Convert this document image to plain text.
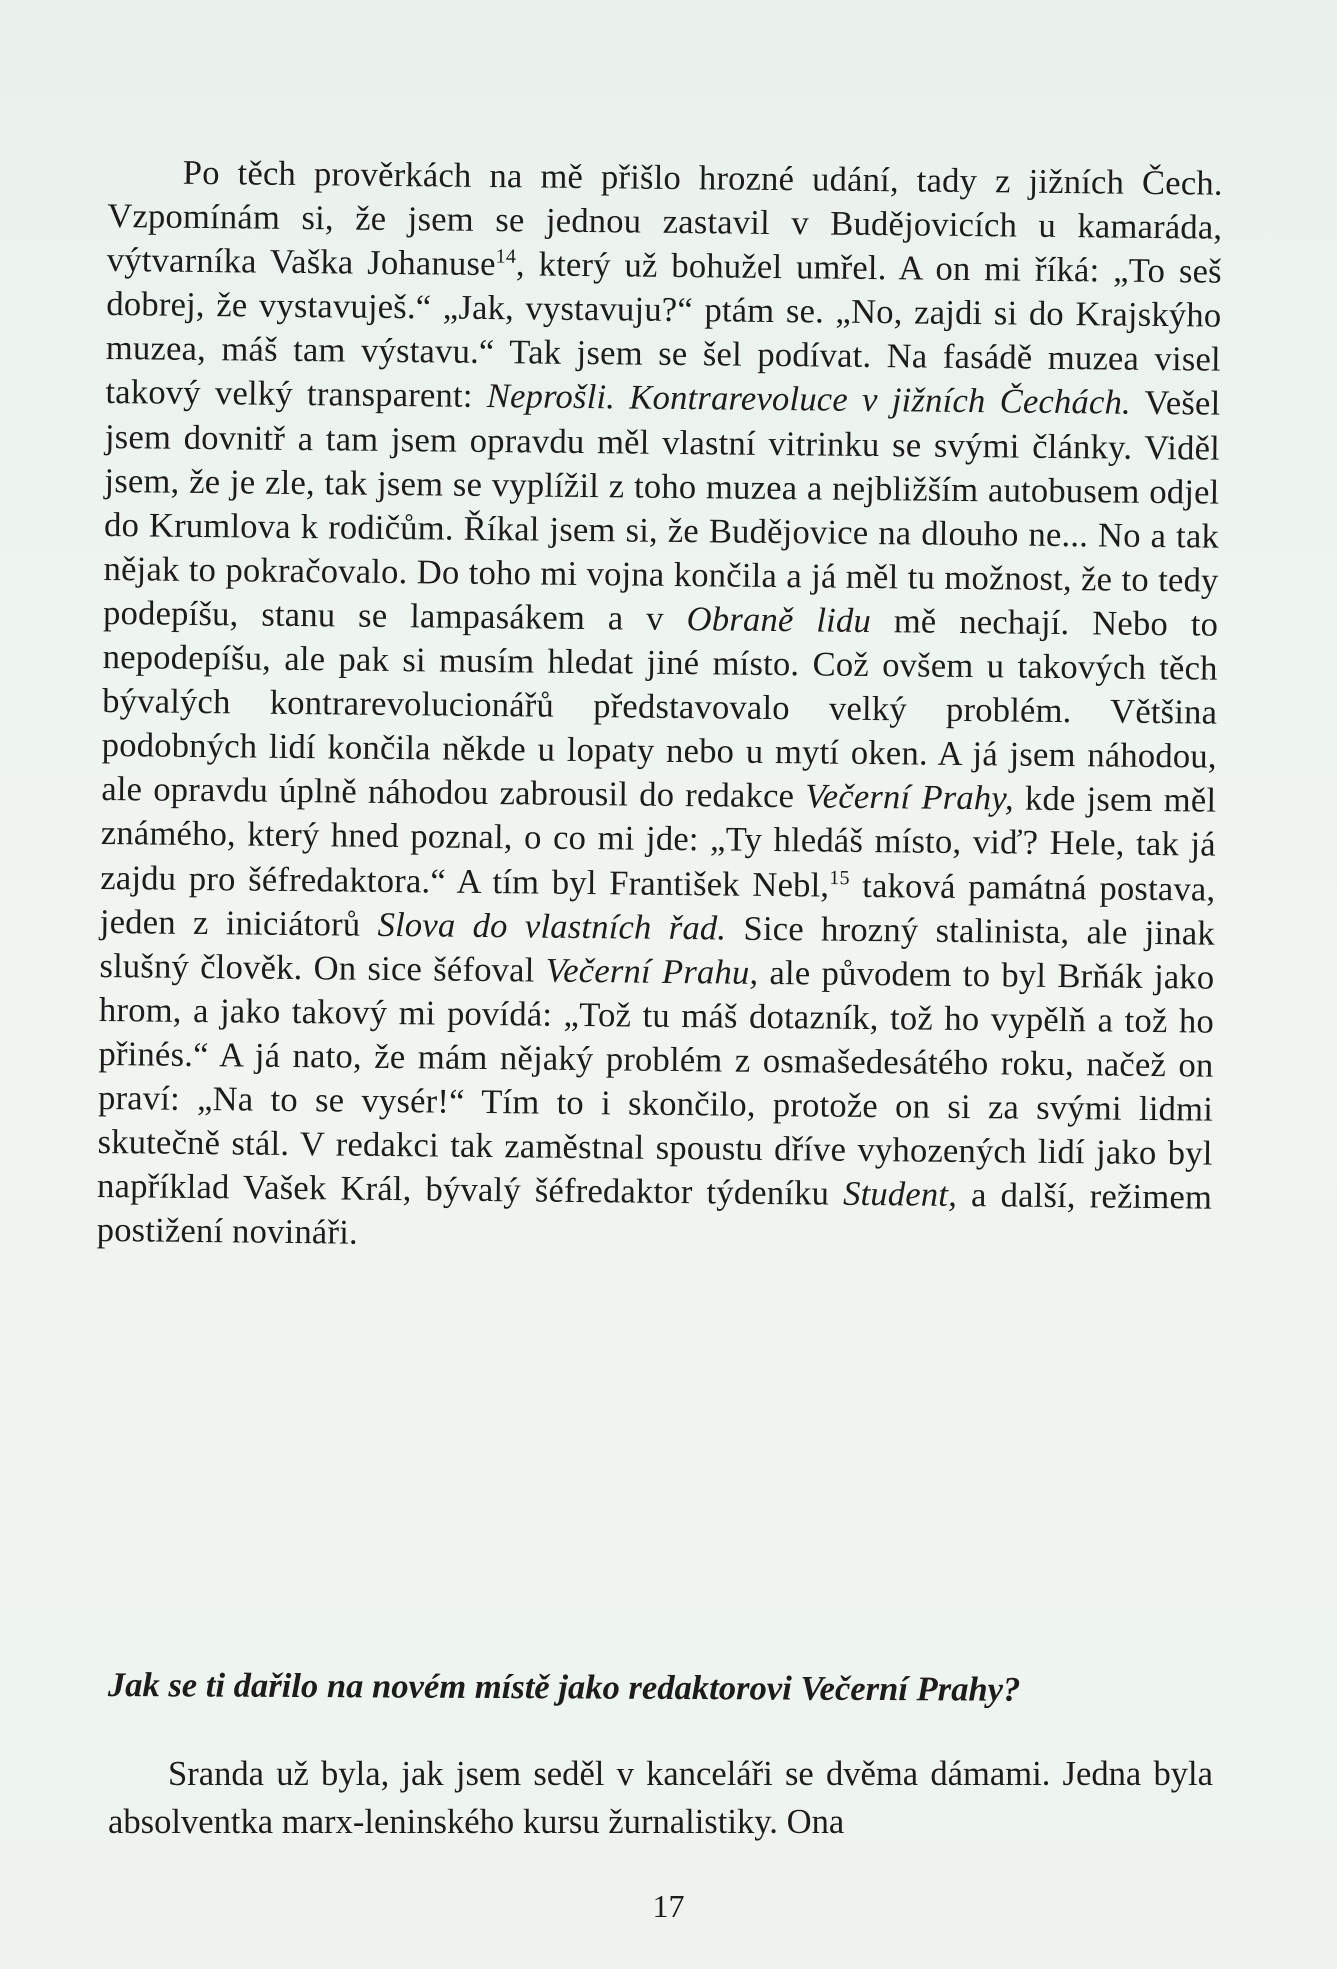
Po těch prověrkách na mě přišlo hrozné udání, tady z jižních Čech. Vzpomínám si, že jsem se jednou zastavil v Budějovicích u kamaráda, výtvarníka Vaška Johanuse$^{14}$, který už bohužel umřel. A on mi říká: „To seš dobrej, že vystavuješ.“ „Jak, vystavuju?“ ptám se. „No, zajdi si do Krajskýho muzea, máš tam výstavu.“ Tak jsem se šel podívat. Na fasádě muzea visel takový velký transparent: Neprošli. Kontrarevoluce v jižních Čechách. Vešel jsem dovnitř a tam jsem opravdu měl vlastní vitrinku se svými články. Viděl jsem, že je zle, tak jsem se vyplížil z toho muzea a nejbližším autobusem odjel do Krumlova k rodičům. Říkal jsem si, že Budějovice na dlouho ne... No a tak nějak to pokračovalo. Do toho mi vojna končila a já měl tu možnost, že to tedy podepíšu, stanu se lampasákem a v Obraně lidu mě nechají. Nebo to nepodepíšu, ale pak si musím hledat jiné místo. Což ovšem u takových těch bývalých kontrarevolucionářů představovalo velký problém. Většina podobných lidí končila někde u lopaty nebo u mytí oken. A já jsem náhodou, ale opravdu úplně náhodou zabrousil do redakce Večerní Prahy, kde jsem měl známého, který hned poznal, o co mi jde: „Ty hledáš místo, viď? Hele, tak já zajdu pro šéfredaktora.“ A tím byl František Nebl,$^{15}$ taková památná postava, jeden z iniciátorů Slova do vlastních řad. Sice hrozný stalinista, ale jinak slušný člověk. On sice šéfoval Večerní Prahu, ale původem to byl Brňák jako hrom, a jako takový mi povídá: „Tož tu máš dotazník, tož ho vypělň a tož ho přinés.“ A já nato, že mám nějaký problém z osmašedesátého roku, načež on praví: „Na to se vysér!“ Tím to i skončilo, protože on si za svými lidmi skutečně stál. V redakci tak zaměstnal spoustu dříve vyhozených lidí jako byl například Vašek Král, bývalý šéfredaktor týdeníku Student, a další, režimem postižení novináři.

Jak se ti dařilo na novém místě jako redaktorovi Večerní Prahy?

Sranda už byla, jak jsem seděl v kanceláři se dvěma dámami. Jedna byla absolventka marx-leninského kursu žurnalistiky. Ona

17
